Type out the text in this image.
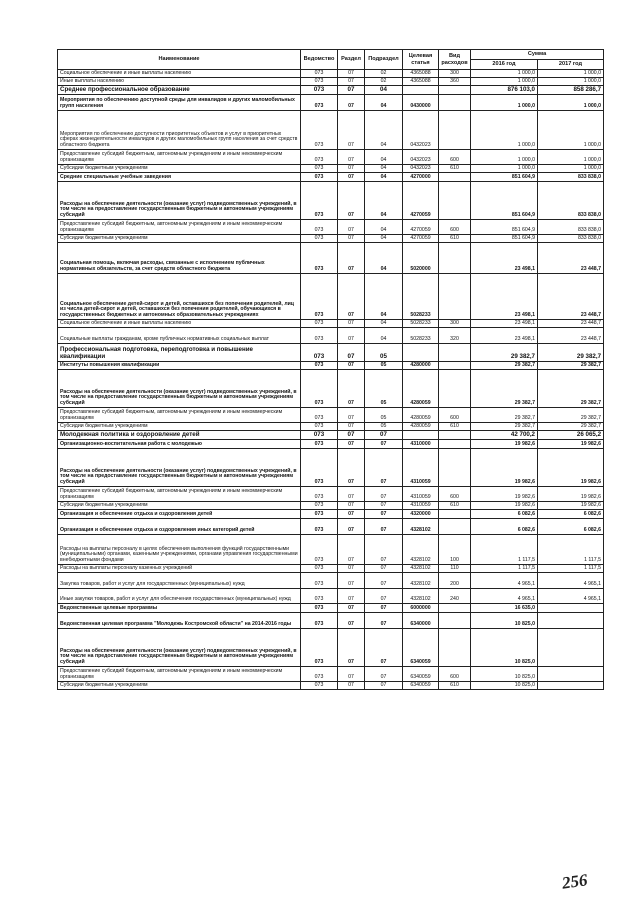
Наименование	Ведомство	Раздел	Подраздел	Целевая статья	Вид расходов	Сумма	
						2016 год	2017 год
Социальное обеспечение и иные выплаты населению	073	07	02	4365088	300	1 000,0	1 000,0
Иные выплаты населению	073	07	02	4365088	360	1 000,0	1 000,0
Среднее профессиональное образование	073	07	04			876 103,0	858 286,7
Мероприятия по обеспечению доступной среды для инвалидов и других маломобильных групп населения	073	07	04	0430000		1 000,0	1 000,0
Мероприятия по обеспечению доступности приоритетных объектов и услуг в приоритетных сферах жизнедеятельности инвалидов и других маломобильных групп населения за счет средств областного бюджета	073	07	04	0432023		1 000,0	1 000,0
Предоставление субсидий бюджетным, автономным учреждениям и иным некоммерческим организациям	073	07	04	0432023	600	1 000,0	1 000,0
Субсидии бюджетным учреждениям	073	07	04	0432023	610	1 000,0	1 000,0
Средние специальные учебные заведения	073	07	04	4270000		851 604,9	833 838,0
Расходы на обеспечение деятельности (оказание услуг) подведомственных учреждений, в том числе на предоставление государственным бюджетным и автономным учреждениям субсидий	073	07	04	4270059		851 604,9	833 838,0
Предоставление субсидий бюджетным, автономным учреждениям и иным некоммерческим организациям	073	07	04	4270059	600	851 604,9	833 838,0
Субсидии бюджетным учреждениям	073	07	04	4270059	610	851 604,9	833 838,0
Социальная помощь, включая расходы, связанные с исполнением публичных нормативных обязательств, за счет средств областного бюджета	073	07	04	5020000		23 498,1	23 448,7
Социальное обеспечение детей-сирот и детей, оставшихся без попечения родителей, лиц из числа детей-сирот и детей, оставшихся без попечения родителей, обучающихся в государственных бюджетных и автономных образовательных учреждениях	073	07	04	5028233		23 498,1	23 448,7
Социальное обеспечение и иные выплаты населению	073	07	04	5028233	300	23 498,1	23 448,7
Социальные выплаты гражданам, кроме публичных нормативных социальных выплат	073	07	04	5028233	320	23 498,1	23 448,7
Профессиональная подготовка, переподготовка и повышение квалификации	073	07	05			29 382,7	29 382,7
Институты повышения квалификации	073	07	05	4280000		29 382,7	29 382,7
Расходы на обеспечение деятельности (оказание услуг) подведомственных учреждений, в том числе на предоставление государственным бюджетным и автономным учреждениям субсидий	073	07	05	4280059		29 382,7	29 382,7
Предоставление субсидий бюджетным, автономным учреждениям и иным некоммерческим организациям	073	07	05	4280059	600	29 382,7	29 382,7
Субсидии бюджетным учреждениям	073	07	05	4280059	610	29 382,7	29 382,7
Молодежная политика и оздоровление детей	073	07	07			42 700,2	26 065,2
Организационно-воспитательная работа с молодежью	073	07	07	4310000		19 982,6	19 982,6
Расходы на обеспечение деятельности (оказание услуг) подведомственных учреждений, в том числе на предоставление государственным бюджетным и автономным учреждениям субсидий	073	07	07	4310059		19 982,6	19 982,6
Предоставление субсидий бюджетным, автономным учреждениям и иным некоммерческим организациям	073	07	07	4310059	600	19 982,6	19 982,6
Субсидии бюджетным учреждениям	073	07	07	4310059	610	19 982,6	19 982,6
Организация и обеспечение отдыха и оздоровления детей	073	07	07	4320000		6 082,6	6 082,6
Организация и обеспечение отдыха и оздоровления иных категорий детей	073	07	07	4328102		6 082,6	6 082,6
Расходы на выплаты персоналу в целях обеспечения выполнения функций государственными (муниципальными) органами, казенными учреждениями, органами управления государственными внебюджетными фондами	073	07	07	4328102	100	1 117,5	1 117,5
Расходы на выплаты персоналу казенных учреждений	073	07	07	4328102	110	1 117,5	1 117,5
Закупка товаров, работ и услуг для государственных (муниципальных) нужд	073	07	07	4328102	200	4 965,1	4 965,1
Иные закупки товаров, работ и услуг для обеспечения государственных (муниципальных) нужд	073	07	07	4328102	240	4 965,1	4 965,1
Ведомственные целевые программы	073	07	07	6000000		16 635,0	
Ведомственная целевая программа "Молодежь Костромской области" на 2014-2016 годы	073	07	07	6340000		10 825,0	
Расходы на обеспечение деятельности (оказание услуг) подведомственных учреждений, в том числе на предоставление государственным бюджетным и автономным учреждениям субсидий	073	07	07	6340059		10 825,0	
Предоставление субсидий бюджетным, автономным учреждениям и иным некоммерческим организациям	073	07	07	6340059	600	10 825,0	
Субсидии бюджетным учреждениям	073	07	07	6340059	610	10 825,0	
256
